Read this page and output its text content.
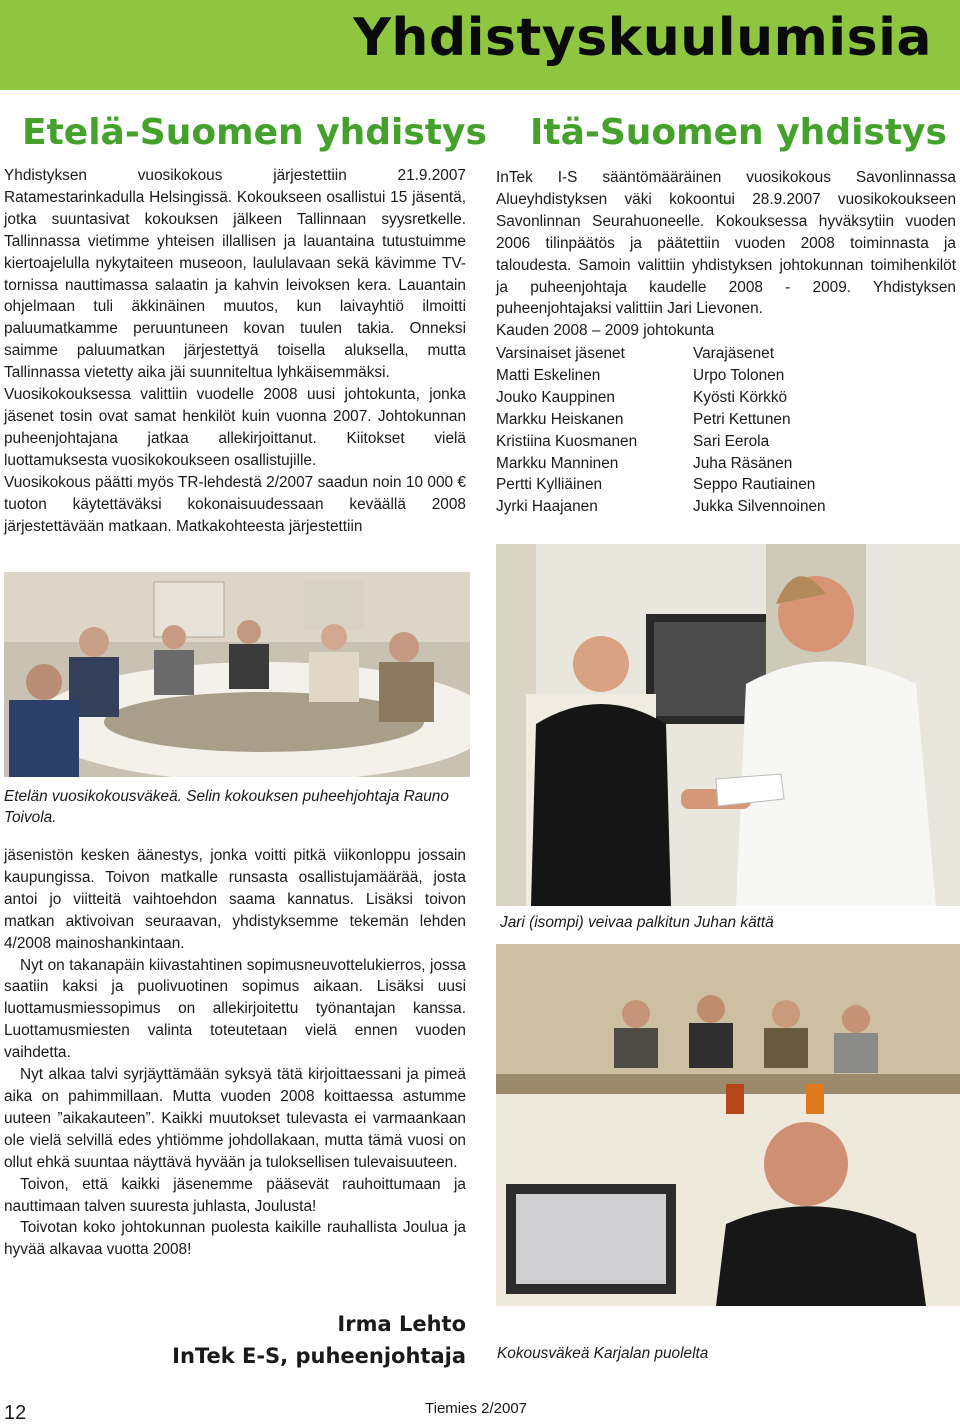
Yhdistyskuulumisia
Etelä-Suomen yhdistys Itä-Suomen yhdistys

Yhdistyksen vuosikokous järjestettiin 21.9.2007 Ratamestarinkadulla Helsingissä. Kokoukseen osallistui 15 jäsentä, jotka suuntasivat kokouksen jälkeen Tallinnaan syysretkelle. Tallinnassa vietimme yhteisen illallisen ja lauantaina tutustuimme kiertoajelulla nykytaiteen museoon, laululavaan sekä kävimme TV-tornissa nauttimassa salaatin ja kahvin leivoksen kera. Lauantain ohjelmaan tuli äkkinäinen muutos, kun laivayhtiö ilmoitti paluumatkamme peruuntuneen kovan tuulen takia. Onneksi saimme paluumatkan järjestettyä toisella aluksella, mutta Tallinnassa vietetty aika jäi suunniteltua lyhkäisemmäksi.

Vuosikokouksessa valittiin vuodelle 2008 uusi johtokunta, jonka jäsenet tosin ovat samat henkilöt kuin vuonna 2007. Johtokunnan puheenjohtajana jatkaa allekirjoittanut. Kiitokset vielä luottamuksesta vuosikokoukseen osallistujille.

Vuosikokous päätti myös TR-lehdestä 2/2007 saadun noin 10 000 € tuoton käytettäväksi kokonaisuudessaan keväällä 2008 järjestettävään matkaan. Matkakohteesta järjestettiin

Etelän vuosikokousväkeä. Selin kokouksen puheehjohtaja Rauno Toivola.

jäsenistön kesken äänestys, jonka voitti pitkä viikonloppu jossain kaupungissa. Toivon matkalle runsasta osallistujamäärää, josta antoi jo viitteitä vaihtoehdon saama kannatus. Lisäksi toivon matkan aktivoivan seuraavan, yhdistyksemme tekemän lehden 4/2008 mainoshankintaan.

Nyt on takanapäin kiivastahtinen sopimusneuvottelukierros, jossa saatiin kaksi ja puolivuotinen sopimus aikaan. Lisäksi uusi luottamusmiessopimus on allekirjoitettu työnantajan kanssa. Luottamusmiesten valinta toteutetaan vielä ennen vuoden vaihdetta.

Nyt alkaa talvi syrjäyttämään syksyä tätä kirjoittaessani ja pimeä aika on pahimmillaan. Mutta vuoden 2008 koittaessa astumme uuteen ”aikakauteen”. Kaikki muutokset tulevasta ei varmaankaan ole vielä selvillä edes yhtiömme johdollakaan, mutta tämä vuosi on ollut ehkä suuntaa näyttävä hyvään ja tuloksellisen tulevaisuuteen.

Toivon, että kaikki jäsenemme pääsevät rauhoittumaan ja nauttimaan talven suuresta juhlasta, Joulusta!

Toivotan koko johtokunnan puolesta kaikille rauhallista Joulua ja hyvää alkavaa vuotta 2008!

Irma Lehto
InTek E-S, puheenjohtaja

InTek I-S sääntömääräinen vuosikokous Savonlinnassa Alueyhdistyksen väki kokoontui 28.9.2007 vuosikokoukseen Savonlinnan Seurahuoneelle. Kokouksessa hyväksytiin vuoden 2006 tilinpäätös ja päätettiin vuoden 2008 toiminnasta ja taloudesta. Samoin valittiin yhdistyksen johtokunnan toimihenkilöt ja puheenjohtaja kaudelle 2008 - 2009. Yhdistyksen puheenjohtajaksi valittiin Jari Lievonen.

Kauden 2008 – 2009 johtokunta

Varsinaiset jäsenet	Varajäsenet
Matti Eskelinen	Urpo Tolonen
Jouko Kauppinen	Kyösti Körkkö
Markku Heiskanen	Petri Kettunen
Kristiina Kuosmanen	Sari Eerola
Markku Manninen	Juha Räsänen
Pertti Kylliäinen	Seppo Rautiainen
Jyrki Haajanen	Jukka Silvennoinen
Jari (isompi) veivaa palkitun Juhan kättä
Kokousväkeä Karjalan puolelta
12	Tiemies 2/2007
